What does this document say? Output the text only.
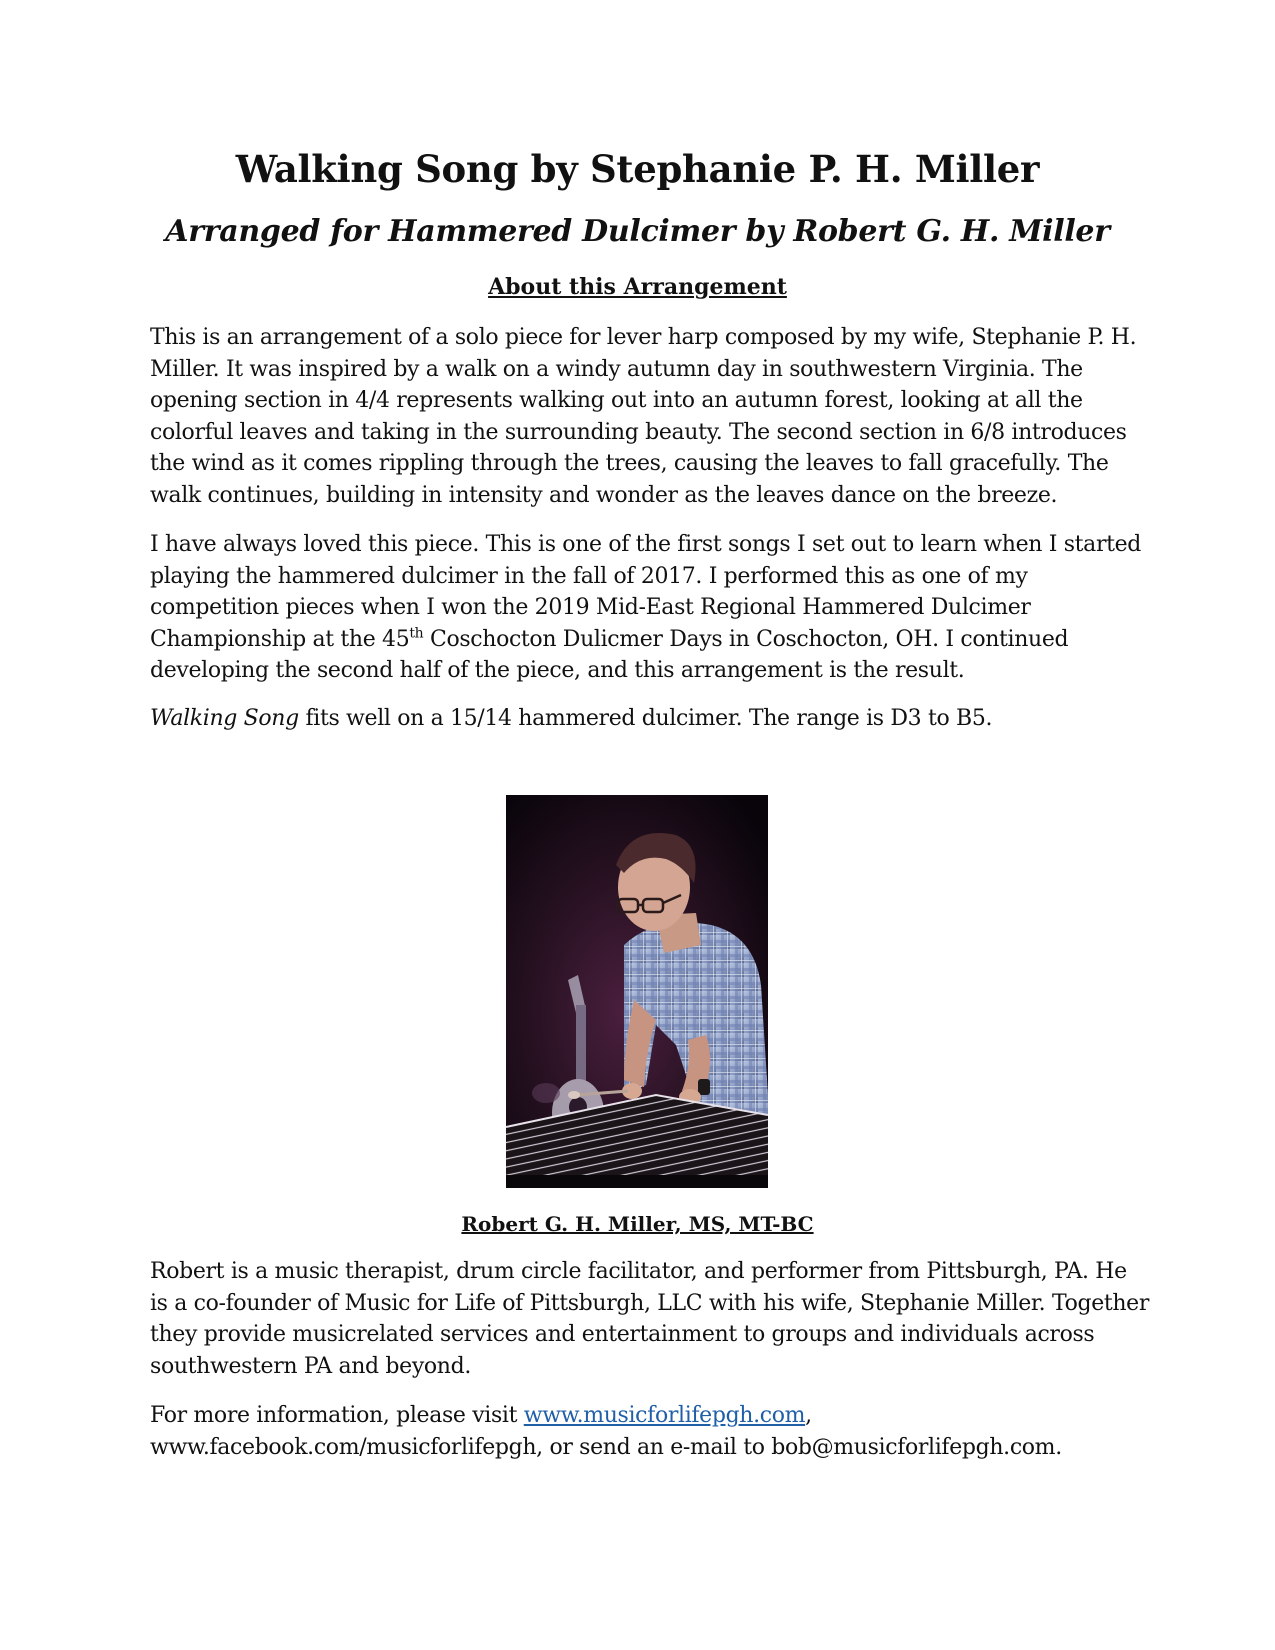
Walking Song by Stephanie P. H. Miller
Arranged for Hammered Dulcimer by Robert G. H. Miller
About this Arrangement

This is an arrangement of a solo piece for lever harp composed by my wife, Stephanie P. H.
Miller. It was inspired by a walk on a windy autumn day in southwestern Virginia. The
opening section in 4/4 represents walking out into an autumn forest, looking at all the
colorful leaves and taking in the surrounding beauty. The second section in 6/8 introduces
the wind as it comes rippling through the trees, causing the leaves to fall gracefully. The
walk continues, building in intensity and wonder as the leaves dance on the breeze.

I have always loved this piece. This is one of the first songs I set out to learn when I started
playing the hammered dulcimer in the fall of 2017. I performed this as one of my
competition pieces when I won the 2019 Mid-East Regional Hammered Dulcimer
Championship at the 45th Coschocton Dulicmer Days in Coschocton, OH. I continued
developing the second half of the piece, and this arrangement is the result.

Walking Song fits well on a 15/14 hammered dulcimer. The range is D3 to B5.

Robert G. H. Miller, MS, MT-BC

Robert is a music therapist, drum circle facilitator, and performer from Pittsburgh, PA. He
is a co-founder of Music for Life of Pittsburgh, LLC with his wife, Stephanie Miller. Together
they provide musicrelated services and entertainment to groups and individuals across
southwestern PA and beyond.

For more information, please visit www.musicforlifepgh.com,
www.facebook.com/musicforlifepgh, or send an e-mail to bob@musicforlifepgh.com.
